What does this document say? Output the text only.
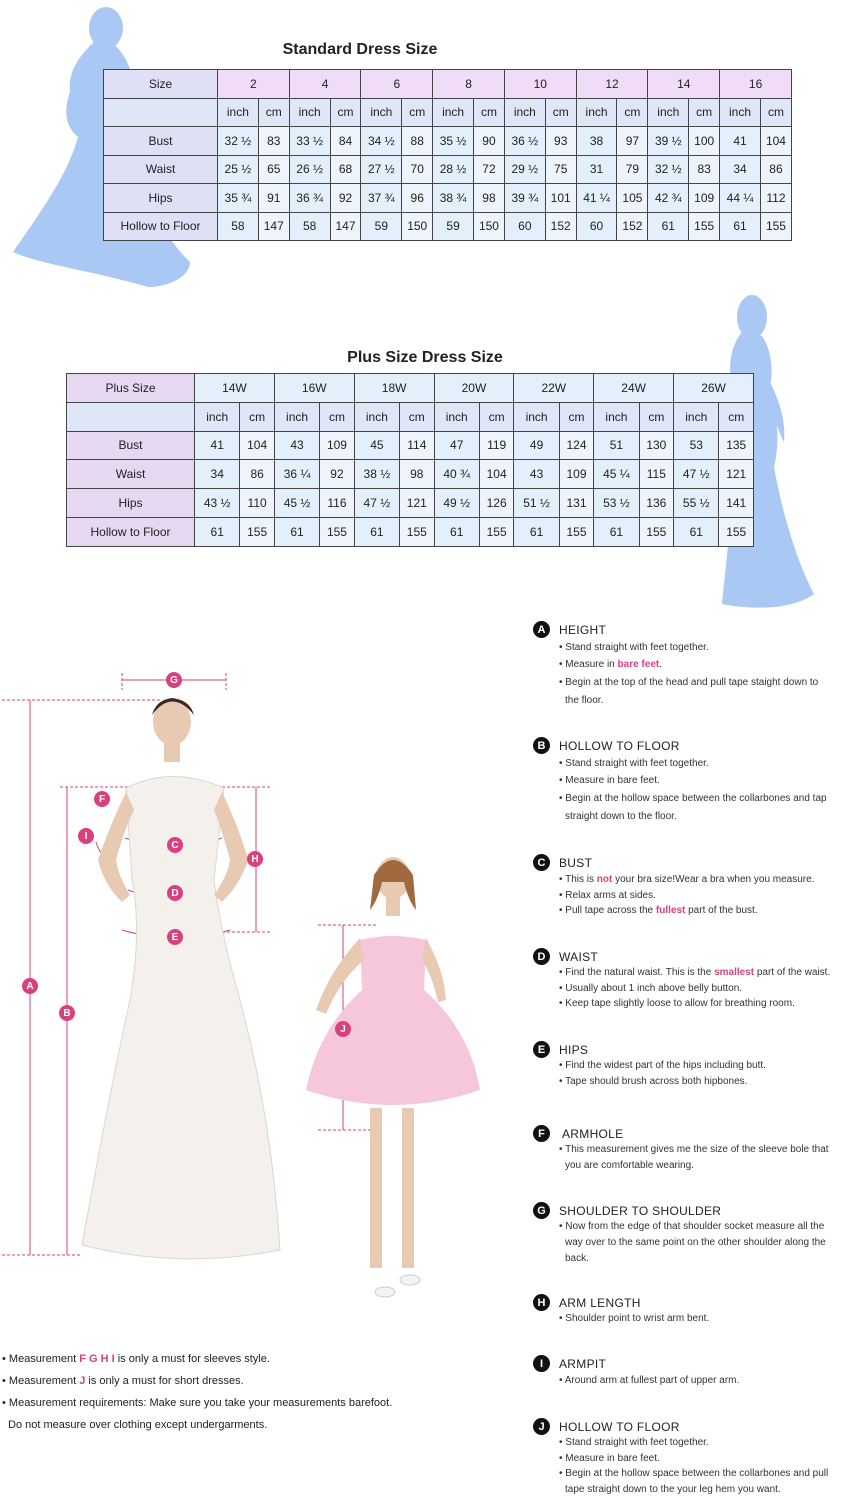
Standard Dress Size
Size	2		4		6		8		10		12		14		16	
	inch	cm	inch	cm	inch	cm	inch	cm	inch	cm	inch	cm	inch	cm	inch	cm
Bust	32 ½	83	33 ½	84	34 ½	88	35 ½	90	36 ½	93	38	97	39 ½	100	41	104
Waist	25 ½	65	26 ½	68	27 ½	70	28 ½	72	29 ½	75	31	79	32 ½	83	34	86
Hips	35 ¾	91	36 ¾	92	37 ¾	96	38 ¾	98	39 ¾	101	41 ¼	105	42 ¾	109	44 ¼	112
Hollow to Floor	58	147	58	147	59	150	59	150	60	152	60	152	61	155	61	155
Plus Size Dress Size
Plus Size	14W		16W		18W		20W		22W		24W		26W	
	inch	cm	inch	cm	inch	cm	inch	cm	inch	cm	inch	cm	inch	cm
Bust	41	104	43	109	45	114	47	119	49	124	51	130	53	135
Waist	34	86	36 ¼	92	38 ½	98	40 ¾	104	43	109	45 ¼	115	47 ½	121
Hips	43 ½	110	45 ½	116	47 ½	121	49 ½	126	51 ½	131	53 ½	136	55 ½	141
Hollow to Floor	61	155	61	155	61	155	61	155	61	155	61	155	61	155
G
F
I
C
H
D
E
A
B
J
A	HEIGHT
• Stand straight with feet together.
• Measure in bare feet.
• Begin at the top of the head and pull tape staight down to
the floor.
B	HOLLOW TO FLOOR
• Stand straight with feet together.
• Measure in bare feet.
• Begin at the hollow space between the collarbones and tap
straight down to the floor.
C	BUST
• This is not your bra size!Wear a bra when you measure.
• Relax arms at sides.
• Pull tape across the fullest part of the bust.
D	WAIST
• Find the natural waist. This is the smallest part of the waist.
• Usually about 1 inch above belly button.
• Keep tape slightly loose to allow for breathing room.
E	HIPS
• Find the widest part of the hips including butt.
• Tape should brush across both hipbones.
F	ARMHOLE
• This measurement gives me the size of the sleeve bole that
you are comfortable wearing.
G	SHOULDER TO SHOULDER
• Now from the edge of that shoulder socket measure all the
way over to the same point on the other shoulder along the
back.
H	ARM LENGTH
• Shoulder point to wrist arm bent.
I	ARMPIT
• Around arm at fullest part of upper arm.
J	HOLLOW TO FLOOR
• Stand straight with feet together.
• Measure in bare feet.
• Begin at the hollow space between the collarbones and pull
tape straight down to the your leg hem you want.
• Measurement F G H I is only a must for sleeves style.
• Measurement J is only a must for short dresses.
• Measurement requirements: Make sure you take your measurements barefoot.
Do not measure over clothing except undergarments.
